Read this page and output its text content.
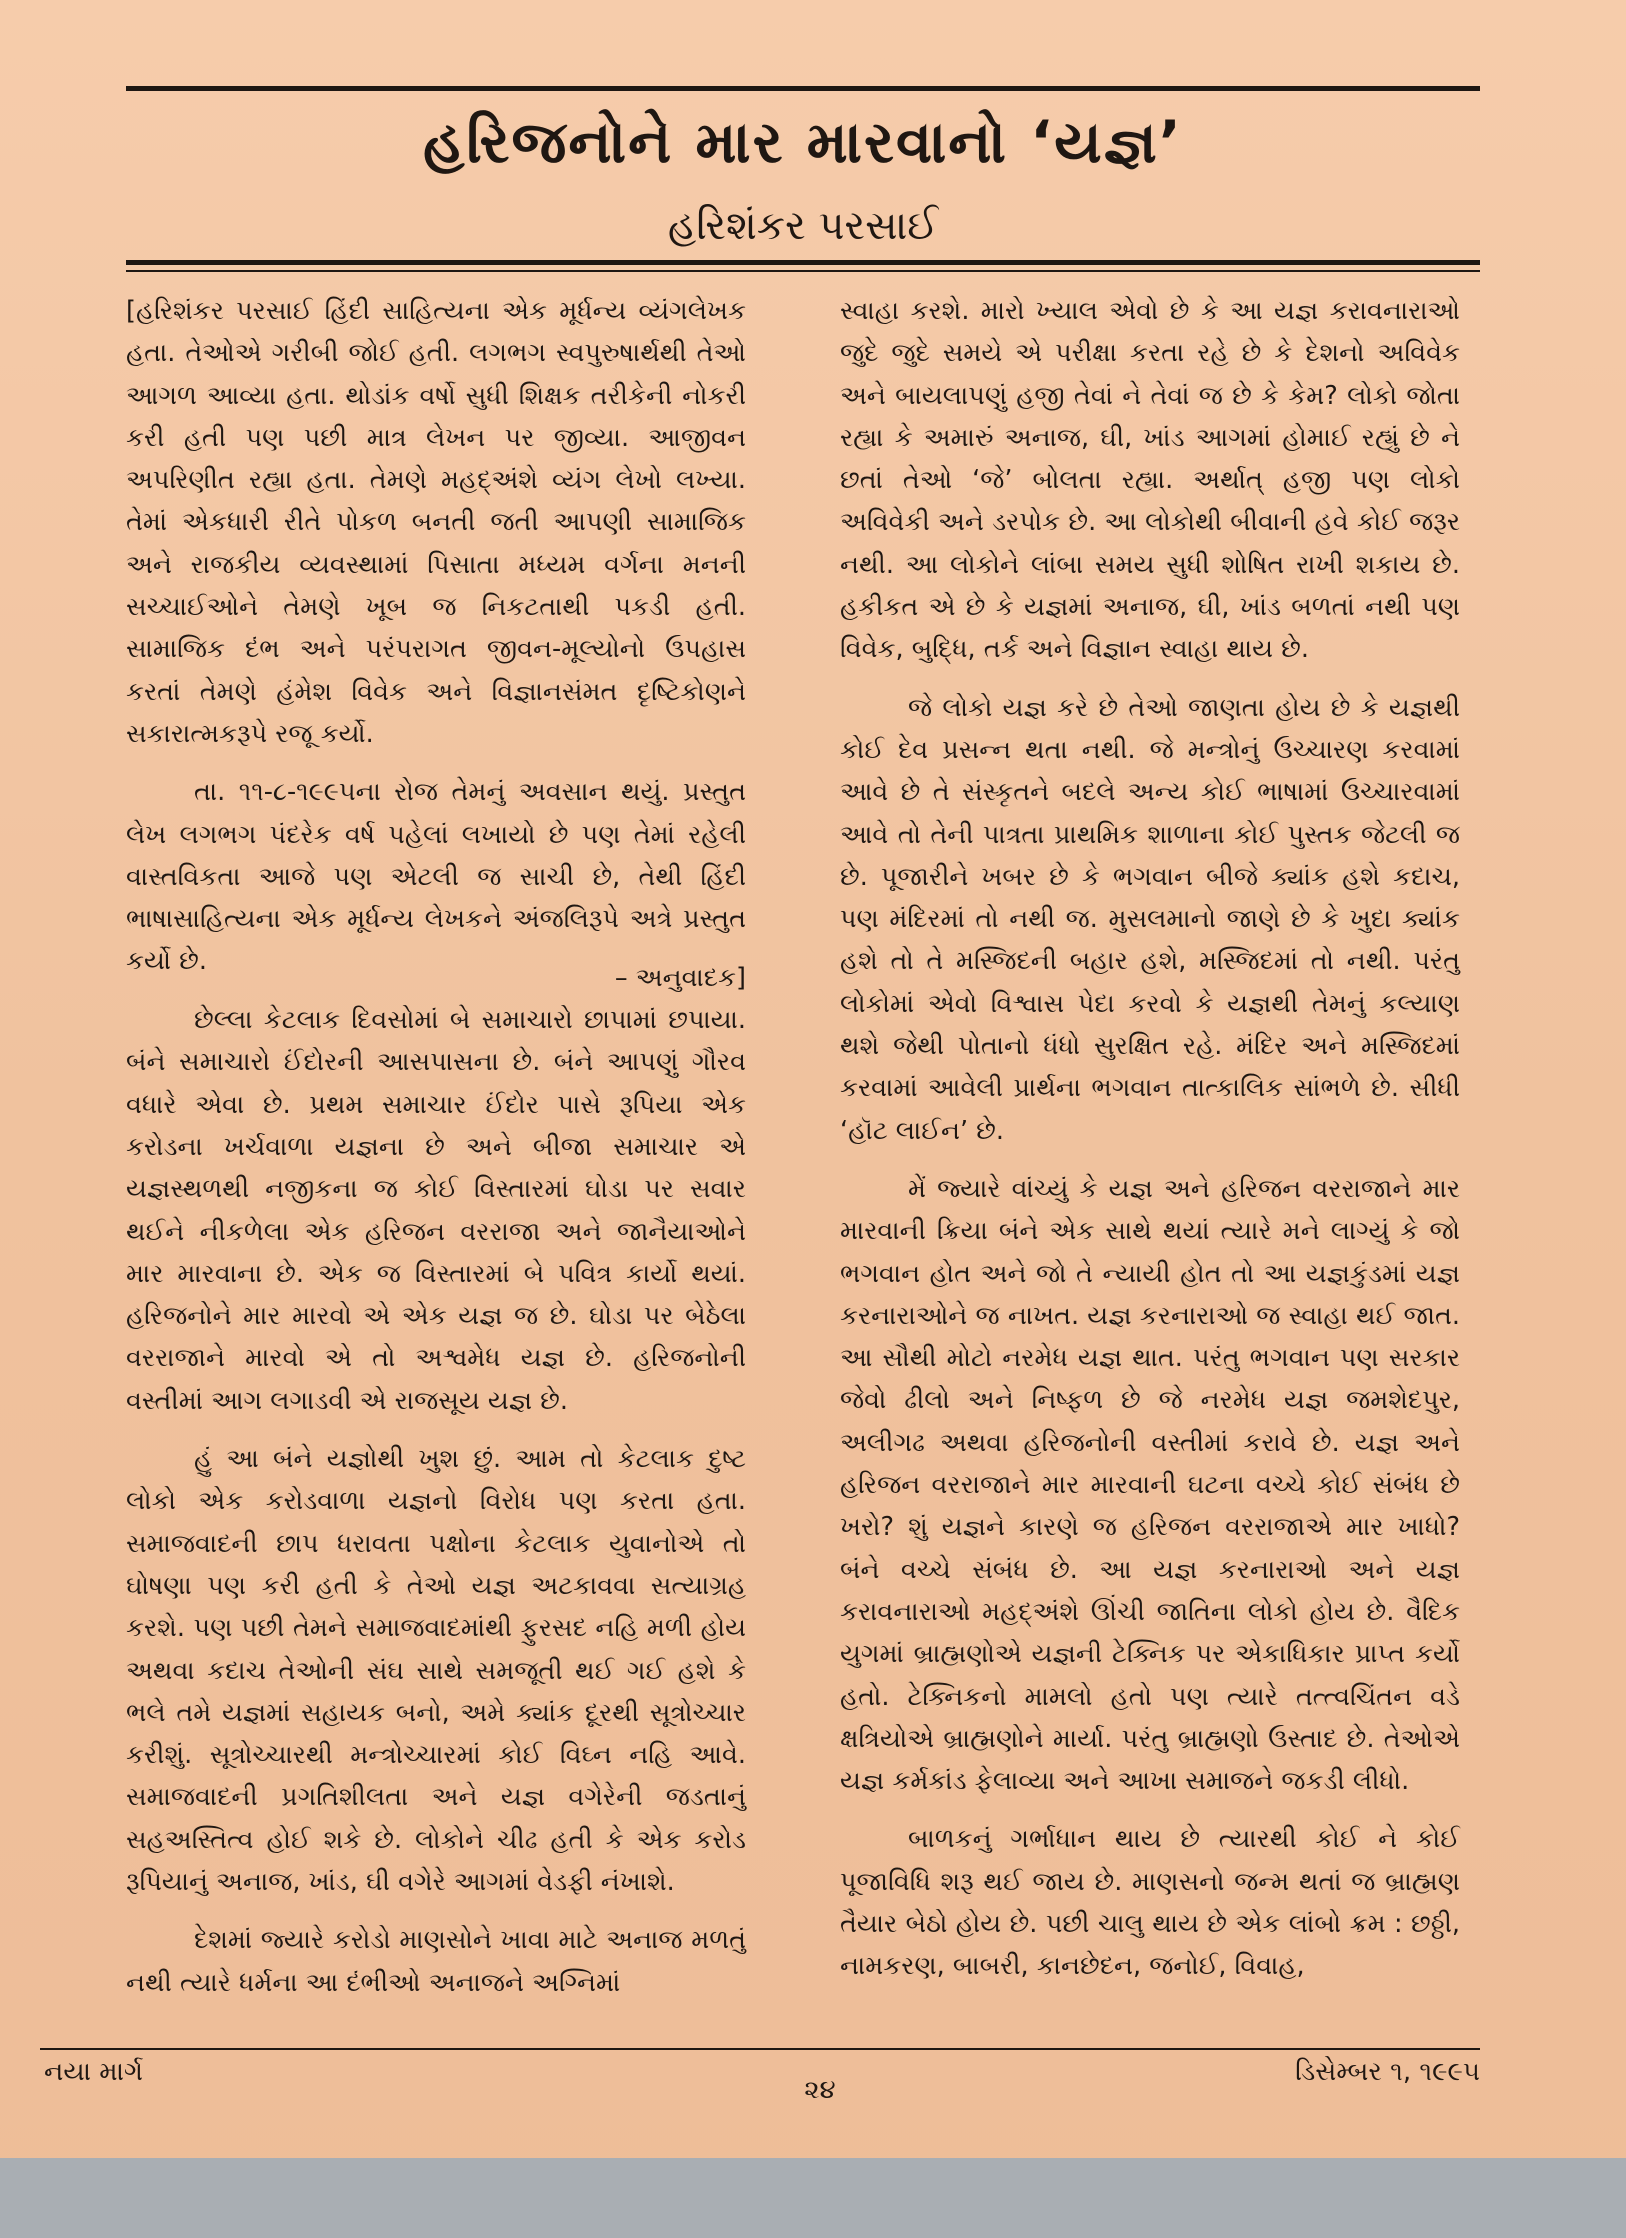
હરિજનોને માર મારવાનો ‘યજ્ઞ’
હરિશંકર પરસાઈ

[હરિશંકર પરસાઈ હિંદી સાહિત્યના એક મૂર્ધન્ય વ્યંગલેખક હતા. તેઓએ ગરીબી જોઈ હતી. લગભગ સ્વપુરુષાર્થથી તેઓ આગળ આવ્યા હતા. થોડાંક વર્ષો સુધી શિક્ષક તરીકેની નોકરી કરી હતી પણ પછી માત્ર લેખન પર જીવ્યા. આજીવન અપરિણીત રહ્યા હતા. તેમણે મહદ્અંશે વ્યંગ લેખો લખ્યા. તેમાં એકધારી રીતે પોકળ બનતી જતી આપણી સામાજિક અને રાજકીય વ્યવસ્થામાં પિસાતા મધ્યમ વર્ગના મનની સચ્ચાઈઓને તેમણે ખૂબ જ નિકટતાથી પકડી હતી. સામાજિક દંભ અને પરંપરાગત જીવન-મૂલ્યોનો ઉપહાસ કરતાં તેમણે હંમેશ વિવેક અને વિજ્ઞાનસંમત દૃષ્ટિકોણને સકારાત્મકરૂપે રજૂ કર્યો.

તા. ૧૧-૮-૧૯૯૫ના રોજ તેમનું અવસાન થયું. પ્રસ્તુત લેખ લગભગ પંદરેક વર્ષ પહેલાં લખાયો છે પણ તેમાં રહેલી વાસ્તવિકતા આજે પણ એટલી જ સાચી છે, તેથી હિંદી ભાષાસાહિત્યના એક મૂર્ધન્ય લેખકને અંજલિરૂપે અત્રે પ્રસ્તુત કર્યો છે.

– અનુવાદક]

છેલ્લા કેટલાક દિવસોમાં બે સમાચારો છાપામાં છપાયા. બંને સમાચારો ઈંદોરની આસપાસના છે. બંને આપણું ગૌરવ વધારે એવા છે. પ્રથમ સમાચાર ઈંદોર પાસે રૂપિયા એક કરોડના ખર્ચવાળા યજ્ઞના છે અને બીજા સમાચાર એ યજ્ઞસ્થળથી નજીકના જ કોઈ વિસ્તારમાં ઘોડા પર સવાર થઈને નીકળેલા એક હરિજન વરરાજા અને જાનૈયાઓને માર મારવાના છે. એક જ વિસ્તારમાં બે પવિત્ર કાર્યો થયાં. હરિજનોને માર મારવો એ એક યજ્ઞ જ છે. ઘોડા પર બેઠેલા વરરાજાને મારવો એ તો અશ્વમેધ યજ્ઞ છે. હરિજનોની વસ્તીમાં આગ લગાડવી એ રાજસૂય યજ્ઞ છે.

હું આ બંને યજ્ઞોથી ખુશ છું. આમ તો કેટલાક દુષ્ટ લોકો એક કરોડવાળા યજ્ઞનો વિરોધ પણ કરતા હતા. સમાજવાદની છાપ ધરાવતા પક્ષોના કેટલાક યુવાનોએ તો ઘોષણા પણ કરી હતી કે તેઓ યજ્ઞ અટકાવવા સત્યાગ્રહ કરશે. પણ પછી તેમને સમાજવાદમાંથી ફુરસદ નહિ મળી હોય અથવા કદાચ તેઓની સંઘ સાથે સમજૂતી થઈ ગઈ હશે કે ભલે તમે યજ્ઞમાં સહાયક બનો, અમે ક્યાંક દૂરથી સૂત્રોચ્ચાર કરીશું. સૂત્રોચ્ચારથી મન્ત્રોચ્ચારમાં કોઈ વિઘ્ન નહિ આવે. સમાજવાદની પ્રગતિશીલતા અને યજ્ઞ વગેરેની જડતાનું સહઅસ્તિત્વ હોઈ શકે છે. લોકોને ચીઢ હતી કે એક કરોડ રૂપિયાનું અનાજ, ખાંડ, ઘી વગેરે આગમાં વેડફી નંખાશે.

દેશમાં જ્યારે કરોડો માણસોને ખાવા માટે અનાજ મળતું નથી ત્યારે ધર્મના આ દંભીઓ અનાજને અગ્નિમાં

સ્વાહા કરશે. મારો ખ્યાલ એવો છે કે આ યજ્ઞ કરાવનારાઓ જુદે જુદે સમયે એ પરીક્ષા કરતા રહે છે કે દેશનો અવિવેક અને બાયલાપણું હજી તેવાં ને તેવાં જ છે કે કેમ? લોકો જોતા રહ્યા કે અમારું અનાજ, ઘી, ખાંડ આગમાં હોમાઈ રહ્યું છે ને છતાં તેઓ ‘જે’ બોલતા રહ્યા. અર્થાત્ હજી પણ લોકો અવિવેકી અને ડરપોક છે. આ લોકોથી બીવાની હવે કોઈ જરૂર નથી. આ લોકોને લાંબા સમય સુધી શોષિત રાખી શકાય છે. હકીકત એ છે કે યજ્ઞમાં અનાજ, ઘી, ખાંડ બળતાં નથી પણ વિવેક, બુદ્ધિ, તર્ક અને વિજ્ઞાન સ્વાહા થાય છે.

જે લોકો યજ્ઞ કરે છે તેઓ જાણતા હોય છે કે યજ્ઞથી કોઈ દેવ પ્રસન્ન થતા નથી. જે મન્ત્રોનું ઉચ્ચારણ કરવામાં આવે છે તે સંસ્કૃતને બદલે અન્ય કોઈ ભાષામાં ઉચ્ચારવામાં આવે તો તેની પાત્રતા પ્રાથમિક શાળાના કોઈ પુસ્તક જેટલી જ છે. પૂજારીને ખબર છે કે ભગવાન બીજે ક્યાંક હશે કદાચ, પણ મંદિરમાં તો નથી જ. મુસલમાનો જાણે છે કે ખુદા ક્યાંક હશે તો તે મસ્જિદની બહાર હશે, મસ્જિદમાં તો નથી. પરંતુ લોકોમાં એવો વિશ્વાસ પેદા કરવો કે યજ્ઞથી તેમનું કલ્યાણ થશે જેથી પોતાનો ધંધો સુરક્ષિત રહે. મંદિર અને મસ્જિદમાં કરવામાં આવેલી પ્રાર્થના ભગવાન તાત્કાલિક સાંભળે છે. સીધી ‘હૉટ લાઈન’ છે.

મેં જ્યારે વાંચ્યું કે યજ્ઞ અને હરિજન વરરાજાને માર મારવાની ક્રિયા બંને એક સાથે થયાં ત્યારે મને લાગ્યું કે જો ભગવાન હોત અને જો તે ન્યાયી હોત તો આ યજ્ઞકુંડમાં યજ્ઞ કરનારાઓને જ નાખત. યજ્ઞ કરનારાઓ જ સ્વાહા થઈ જાત. આ સૌથી મોટો નરમેધ યજ્ઞ થાત. પરંતુ ભગવાન પણ સરકાર જેવો ઢીલો અને નિષ્ફળ છે જે નરમેધ યજ્ઞ જમશેદપુર, અલીગઢ અથવા હરિજનોની વસ્તીમાં કરાવે છે. યજ્ઞ અને હરિજન વરરાજાને માર મારવાની ઘટના વચ્ચે કોઈ સંબંધ છે ખરો? શું યજ્ઞને કારણે જ હરિજન વરરાજાએ માર ખાધો? બંને વચ્ચે સંબંધ છે. આ યજ્ઞ કરનારાઓ અને યજ્ઞ કરાવનારાઓ મહદ્અંશે ઊંચી જાતિના લોકો હોય છે. વૈદિક યુગમાં બ્રાહ્મણોએ યજ્ઞની ટેક્નિક પર એકાધિકાર પ્રાપ્ત કર્યો હતો. ટેક્નિકનો મામલો હતો પણ ત્યારે તત્ત્વચિંતન વડે ક્ષત્રિયોએ બ્રાહ્મણોને માર્યા. પરંતુ બ્રાહ્મણો ઉસ્તાદ છે. તેઓએ યજ્ઞ કર્મકાંડ ફેલાવ્યા અને આખા સમાજને જકડી લીધો.

બાળકનું ગર્ભાધાન થાય છે ત્યારથી કોઈ ને કોઈ પૂજાવિધિ શરૂ થઈ જાય છે. માણસનો જન્મ થતાં જ બ્રાહ્મણ તૈયાર બેઠો હોય છે. પછી ચાલુ થાય છે એક લાંબો ક્રમ : છઠ્ઠી, નામકરણ, બાબરી, કાનછેદન, જનોઈ, વિવાહ,

નયા માર્ગ
૨૪
ડિસેમ્બર ૧, ૧૯૯૫
